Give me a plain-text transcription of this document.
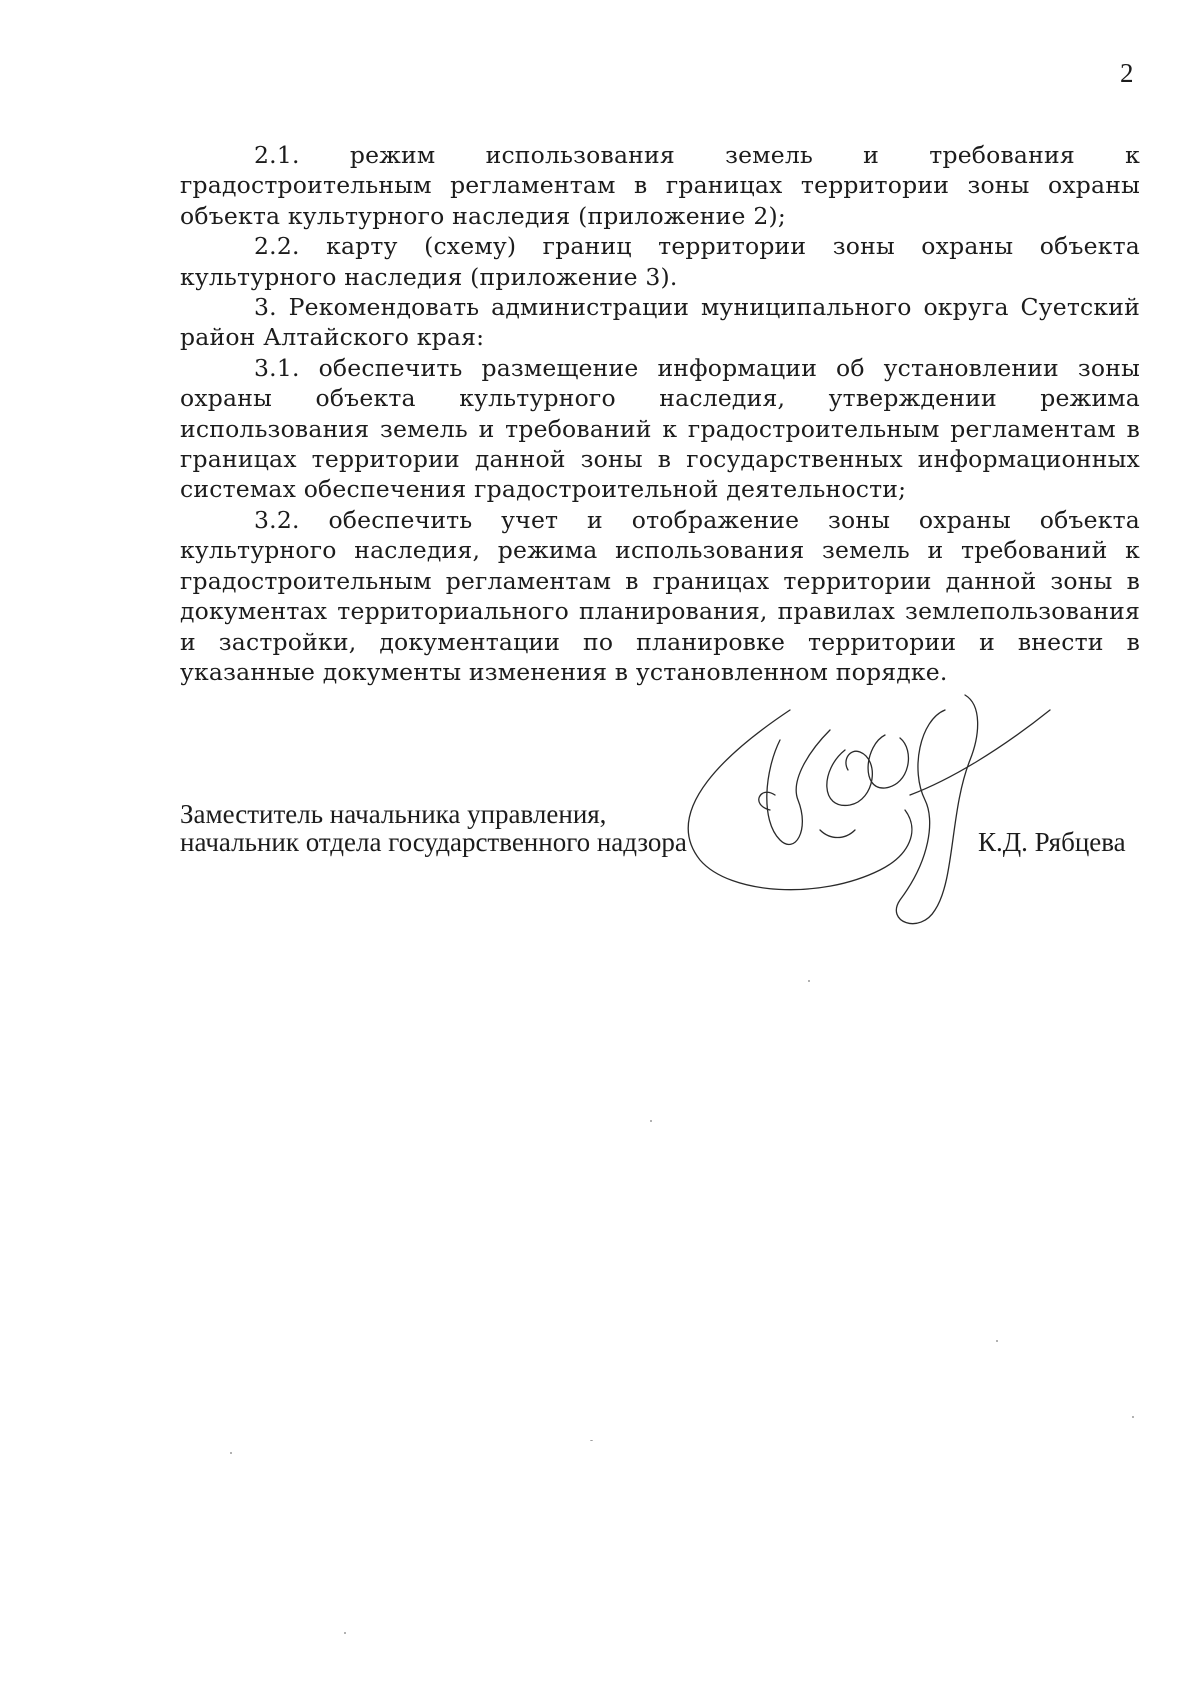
2

2.1. режим использования земель и требования к градостроительным регламентам в границах территории зоны охраны объекта культурного наследия (приложение 2);

2.2. карту (схему) границ территории зоны охраны объекта культурного наследия (приложение 3).

3. Рекомендовать администрации муниципального округа Суетский район Алтайского края:

3.1. обеспечить размещение информации об установлении зоны охраны объекта культурного наследия, утверждении режима использования земель и требований к градостроительным регламентам в границах территории данной зоны в государственных информационных системах обеспечения градостроительной деятельности;

3.2. обеспечить учет и отображение зоны охраны объекта культурного наследия, режима использования земель и требований к градостроительным регламентам в границах территории данной зоны в документах территориального планирования, правилах землепользования и застройки, документации по планировке территории и внести в указанные документы изменения в установленном порядке.

Заместитель начальника управления,
начальник отдела государственного надзора	К.Д. Рябцева
